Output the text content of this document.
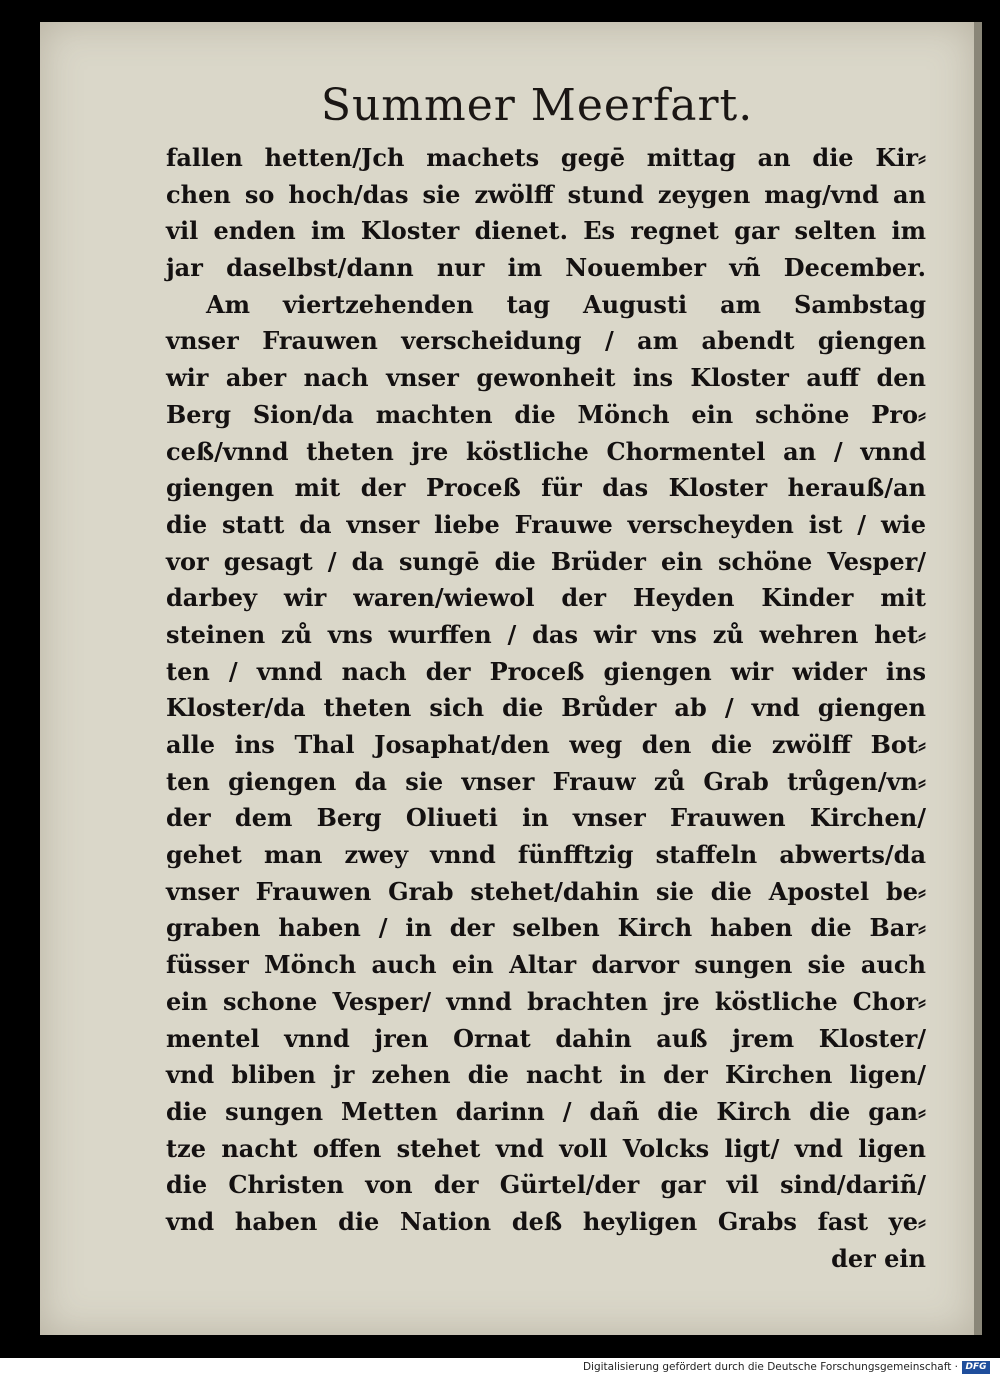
Summer Meerfart.
fallen hetten/Jch machets gegē mittag an die Kir⸗
chen so hoch/das sie zwölff stund zeygen mag/vnd an
vil enden im Kloster dienet. Es regnet gar selten im
jar daselbst/dann nur im Nouember vñ December.
Am viertzehenden tag Augusti am Sambstag
vnser Frauwen verscheidung / am abendt giengen
wir aber nach vnser gewonheit ins Kloster auff den
Berg Sion/da machten die Mönch ein schöne Pro⸗
ceß/vnnd theten jre köstliche Chormentel an / vnnd
giengen mit der Proceß für das Kloster herauß/an
die statt da vnser liebe Frauwe verscheyden ist / wie
vor gesagt / da sungē die Brüder ein schöne Vesper/
darbey wir waren/wiewol der Heyden Kinder mit
steinen zů vns wurffen / das wir vns zů wehren het⸗
ten / vnnd nach der Proceß giengen wir wider ins
Kloster/da theten sich die Brůder ab / vnd giengen
alle ins Thal Josaphat/den weg den die zwölff Bot⸗
ten giengen da sie vnser Frauw zů Grab trůgen/vn⸗
der dem Berg Oliueti in vnser Frauwen Kirchen/
gehet man zwey vnnd fünfftzig staffeln abwerts/da
vnser Frauwen Grab stehet/dahin sie die Apostel be⸗
graben haben / in der selben Kirch haben die Bar⸗
füsser Mönch auch ein Altar darvor sungen sie auch
ein schone Vesper/ vnnd brachten jre köstliche Chor⸗
mentel vnnd jren Ornat dahin auß jrem Kloster/
vnd bliben jr zehen die nacht in der Kirchen ligen/
die sungen Metten darinn / dañ die Kirch die gan⸗
tze nacht offen stehet vnd voll Volcks ligt/ vnd ligen
die Christen von der Gürtel/der gar vil sind/dariñ/
vnd haben die Nation deß heyligen Grabs fast ye⸗
der ein
Digitalisierung gefördert durch die Deutsche Forschungsgemeinschaft · DFG
